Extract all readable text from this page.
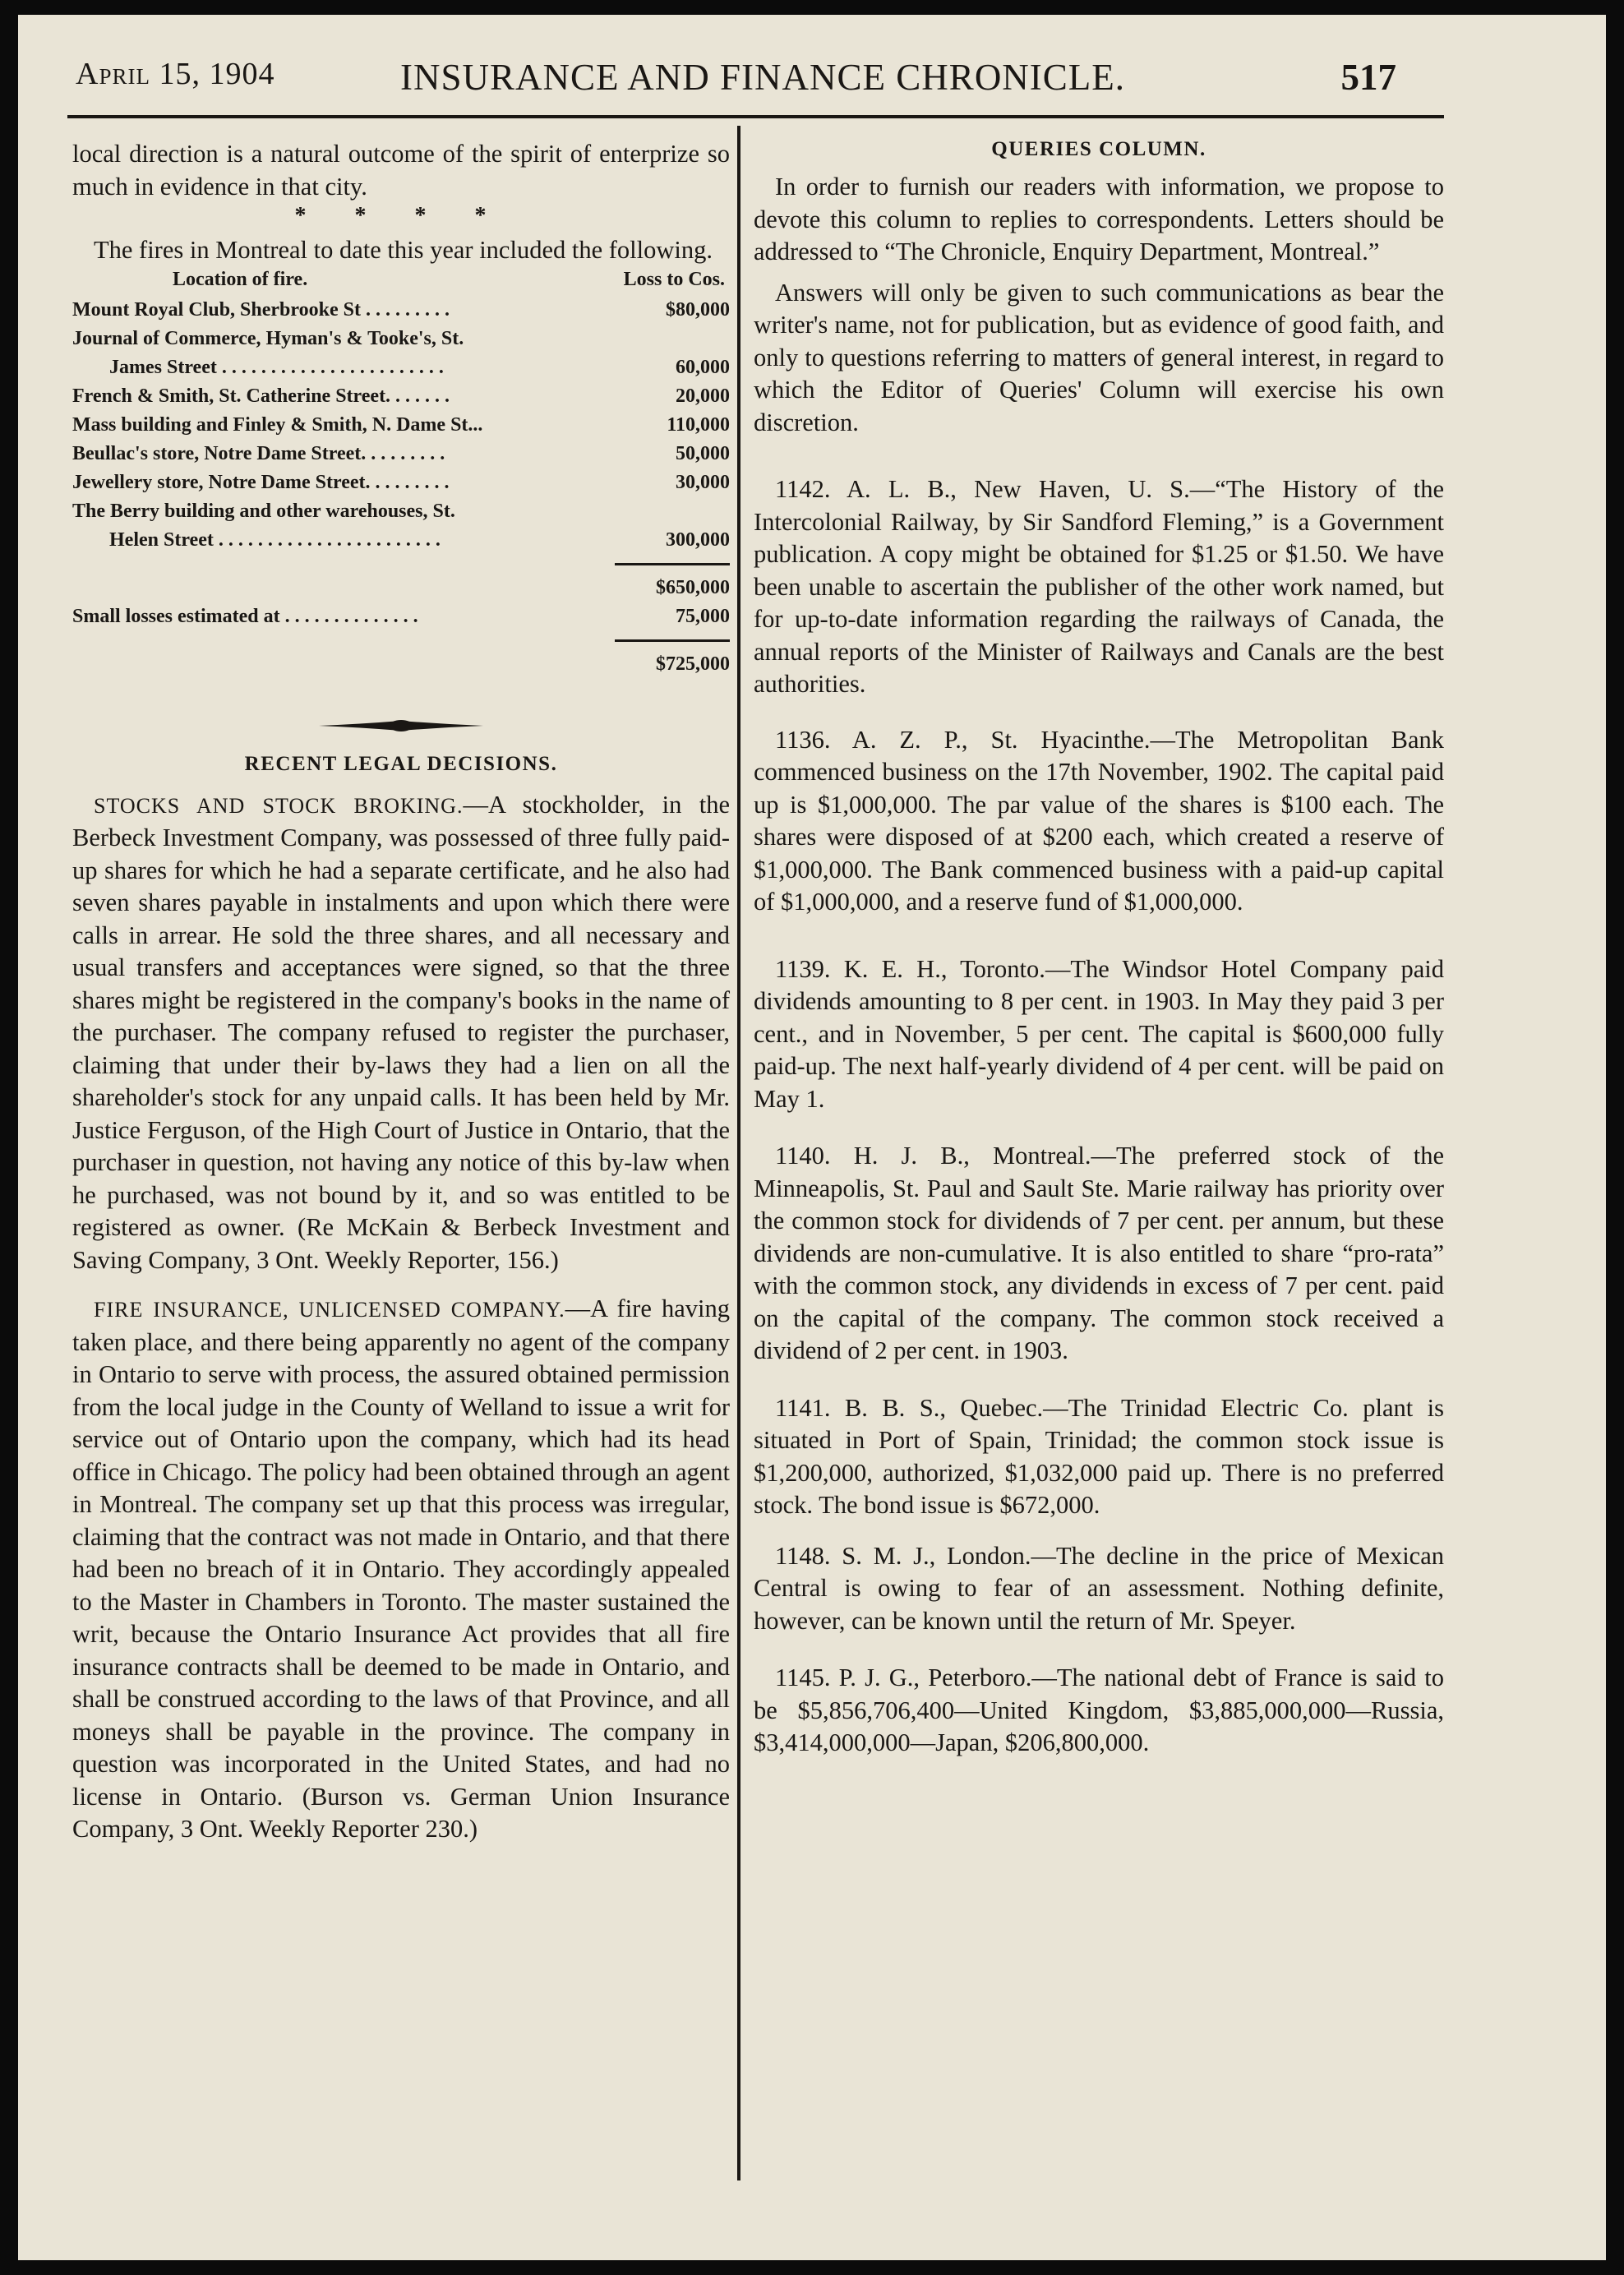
April 15, 1904	INSURANCE AND FINANCE CHRONICLE.	517

local direction is a natural outcome of the spirit of enterprize so much in evidence in that city.

* * * *

The fires in Montreal to date this year included the following.

Location of fire.	Loss to Cos.
Mount Royal Club, Sherbrooke St . . . . . . . . .	$80,000
Journal of Commerce, Hyman's & Tooke's, St.
James Street . . . . . . . . . . . . . . . . . . . . . . .	60,000
French & Smith, St. Catherine Street. . . . . . .	20,000
Mass building and Finley & Smith, N. Dame St...	110,000
Beullac's store, Notre Dame Street. . . . . . . . .	50,000
Jewellery store, Notre Dame Street. . . . . . . . .	30,000
The Berry building and other warehouses, St.
Helen Street . . . . . . . . . . . . . . . . . . . . . . .	300,000
$650,000
Small losses estimated at . . . . . . . . . . . . . .	75,000
$725,000
RECENT LEGAL DECISIONS.

STOCKS AND STOCK BROKING.—A stockholder, in the Berbeck Investment Company, was possessed of three fully paid-up shares for which he had a separate certificate, and he also had seven shares payable in instalments and upon which there were calls in arrear. He sold the three shares, and all necessary and usual transfers and acceptances were signed, so that the three shares might be registered in the company's books in the name of the purchaser. The company refused to register the purchaser, claiming that under their by-laws they had a lien on all the shareholder's stock for any unpaid calls. It has been held by Mr. Justice Ferguson, of the High Court of Justice in Ontario, that the purchaser in question, not having any notice of this by-law when he purchased, was not bound by it, and so was entitled to be registered as owner. (Re McKain & Berbeck Investment and Saving Company, 3 Ont. Weekly Reporter, 156.)

FIRE INSURANCE, UNLICENSED COMPANY.—A fire having taken place, and there being apparently no agent of the company in Ontario to serve with process, the assured obtained permission from the local judge in the County of Welland to issue a writ for service out of Ontario upon the company, which had its head office in Chicago. The policy had been obtained through an agent in Montreal. The company set up that this process was irregular, claiming that the contract was not made in Ontario, and that there had been no breach of it in Ontario. They accordingly appealed to the Master in Chambers in Toronto. The master sustained the writ, because the Ontario Insurance Act provides that all fire insurance contracts shall be deemed to be made in Ontario, and shall be construed according to the laws of that Province, and all moneys shall be payable in the province. The company in question was incorporated in the United States, and had no license in Ontario. (Burson vs. German Union Insurance Company, 3 Ont. Weekly Reporter 230.)

QUERIES COLUMN.

In order to furnish our readers with information, we propose to devote this column to replies to correspondents. Letters should be addressed to “The Chronicle, Enquiry Department, Montreal.”

Answers will only be given to such communications as bear the writer's name, not for publication, but as evidence of good faith, and only to questions referring to matters of general interest, in regard to which the Editor of Queries' Column will exercise his own discretion.

1142. A. L. B., New Haven, U. S.—“The History of the Intercolonial Railway, by Sir Sandford Fleming,” is a Government publication. A copy might be obtained for $1.25 or $1.50. We have been unable to ascertain the publisher of the other work named, but for up-to-date information regarding the railways of Canada, the annual reports of the Minister of Railways and Canals are the best authorities.

1136. A. Z. P., St. Hyacinthe.—The Metropolitan Bank commenced business on the 17th November, 1902. The capital paid up is $1,000,000. The par value of the shares is $100 each. The shares were disposed of at $200 each, which created a reserve of $1,000,000. The Bank commenced business with a paid-up capital of $1,000,000, and a reserve fund of $1,000,000.

1139. K. E. H., Toronto.—The Windsor Hotel Company paid dividends amounting to 8 per cent. in 1903. In May they paid 3 per cent., and in November, 5 per cent. The capital is $600,000 fully paid-up. The next half-yearly dividend of 4 per cent. will be paid on May 1.

1140. H. J. B., Montreal.—The preferred stock of the Minneapolis, St. Paul and Sault Ste. Marie railway has priority over the common stock for dividends of 7 per cent. per annum, but these dividends are non-cumulative. It is also entitled to share “pro-rata” with the common stock, any dividends in excess of 7 per cent. paid on the capital of the company. The common stock received a dividend of 2 per cent. in 1903.

1141. B. B. S., Quebec.—The Trinidad Electric Co. plant is situated in Port of Spain, Trinidad; the common stock issue is $1,200,000, authorized, $1,032,000 paid up. There is no preferred stock. The bond issue is $672,000.

1148. S. M. J., London.—The decline in the price of Mexican Central is owing to fear of an assessment. Nothing definite, however, can be known until the return of Mr. Speyer.

1145. P. J. G., Peterboro.—The national debt of France is said to be $5,856,706,400—United Kingdom, $3,885,000,000—Russia, $3,414,000,000—Japan, $206,800,000.
